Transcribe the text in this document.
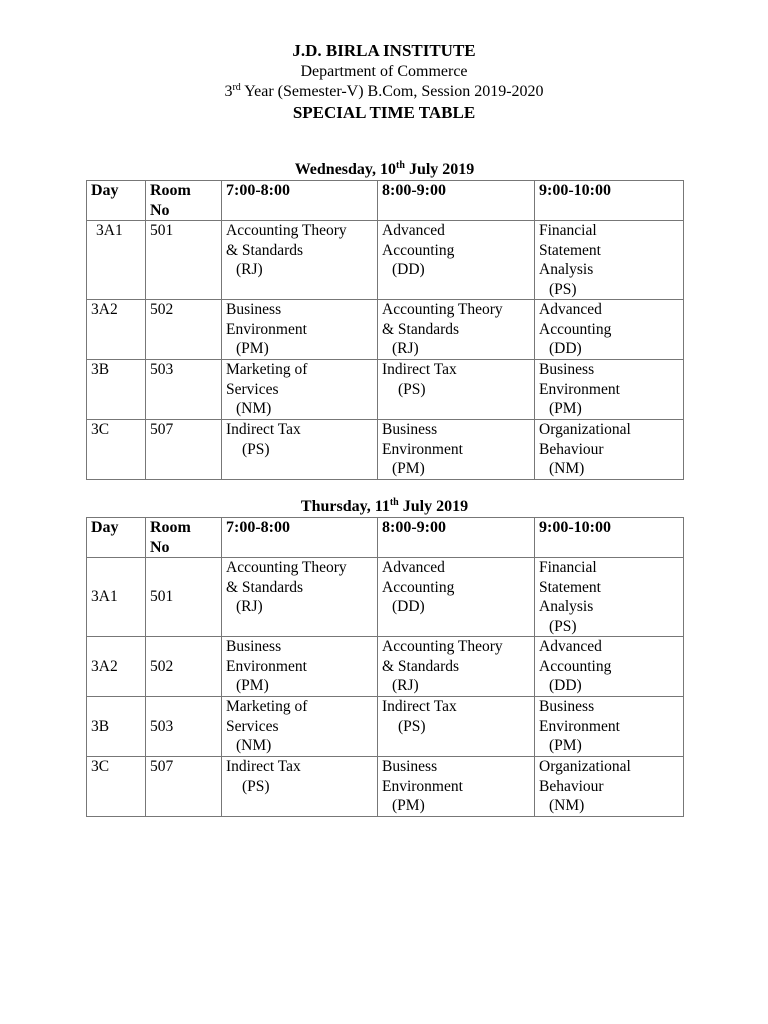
J.D. BIRLA INSTITUTE
Department of Commerce
3rd Year (Semester-V) B.Com, Session 2019-2020
SPECIAL TIME TABLE
Wednesday, 10th July 2019
Day	Room
No	7:00-8:00	8:00-9:00	9:00-10:00
3A1	501	Accounting Theory
& Standards
(RJ)	Advanced
Accounting
(DD)	Financial
Statement
Analysis
(PS)

3A2	502	Business
Environment
(PM)	Accounting Theory
& Standards
(RJ)	Advanced
Accounting
(DD)

3B	503	Marketing of
Services
(NM)	Indirect Tax
(PS)	Business
Environment
(PM)

3C	507	Indirect Tax
(PS)	Business
Environment
(PM)	Organizational
Behaviour
(NM)
Thursday, 11th July 2019
Day	Room
No	7:00-8:00	8:00-9:00	9:00-10:00
3A1	501	Accounting Theory
& Standards
(RJ)	Advanced
Accounting
(DD)	Financial
Statement
Analysis
(PS)

3A2	502	Business
Environment
(PM)	Accounting Theory
& Standards
(RJ)	Advanced
Accounting
(DD)

3B	503	Marketing of
Services
(NM)	Indirect Tax
(PS)	Business
Environment
(PM)

3C	507	Indirect Tax
(PS)	Business
Environment
(PM)	Organizational
Behaviour
(NM)
